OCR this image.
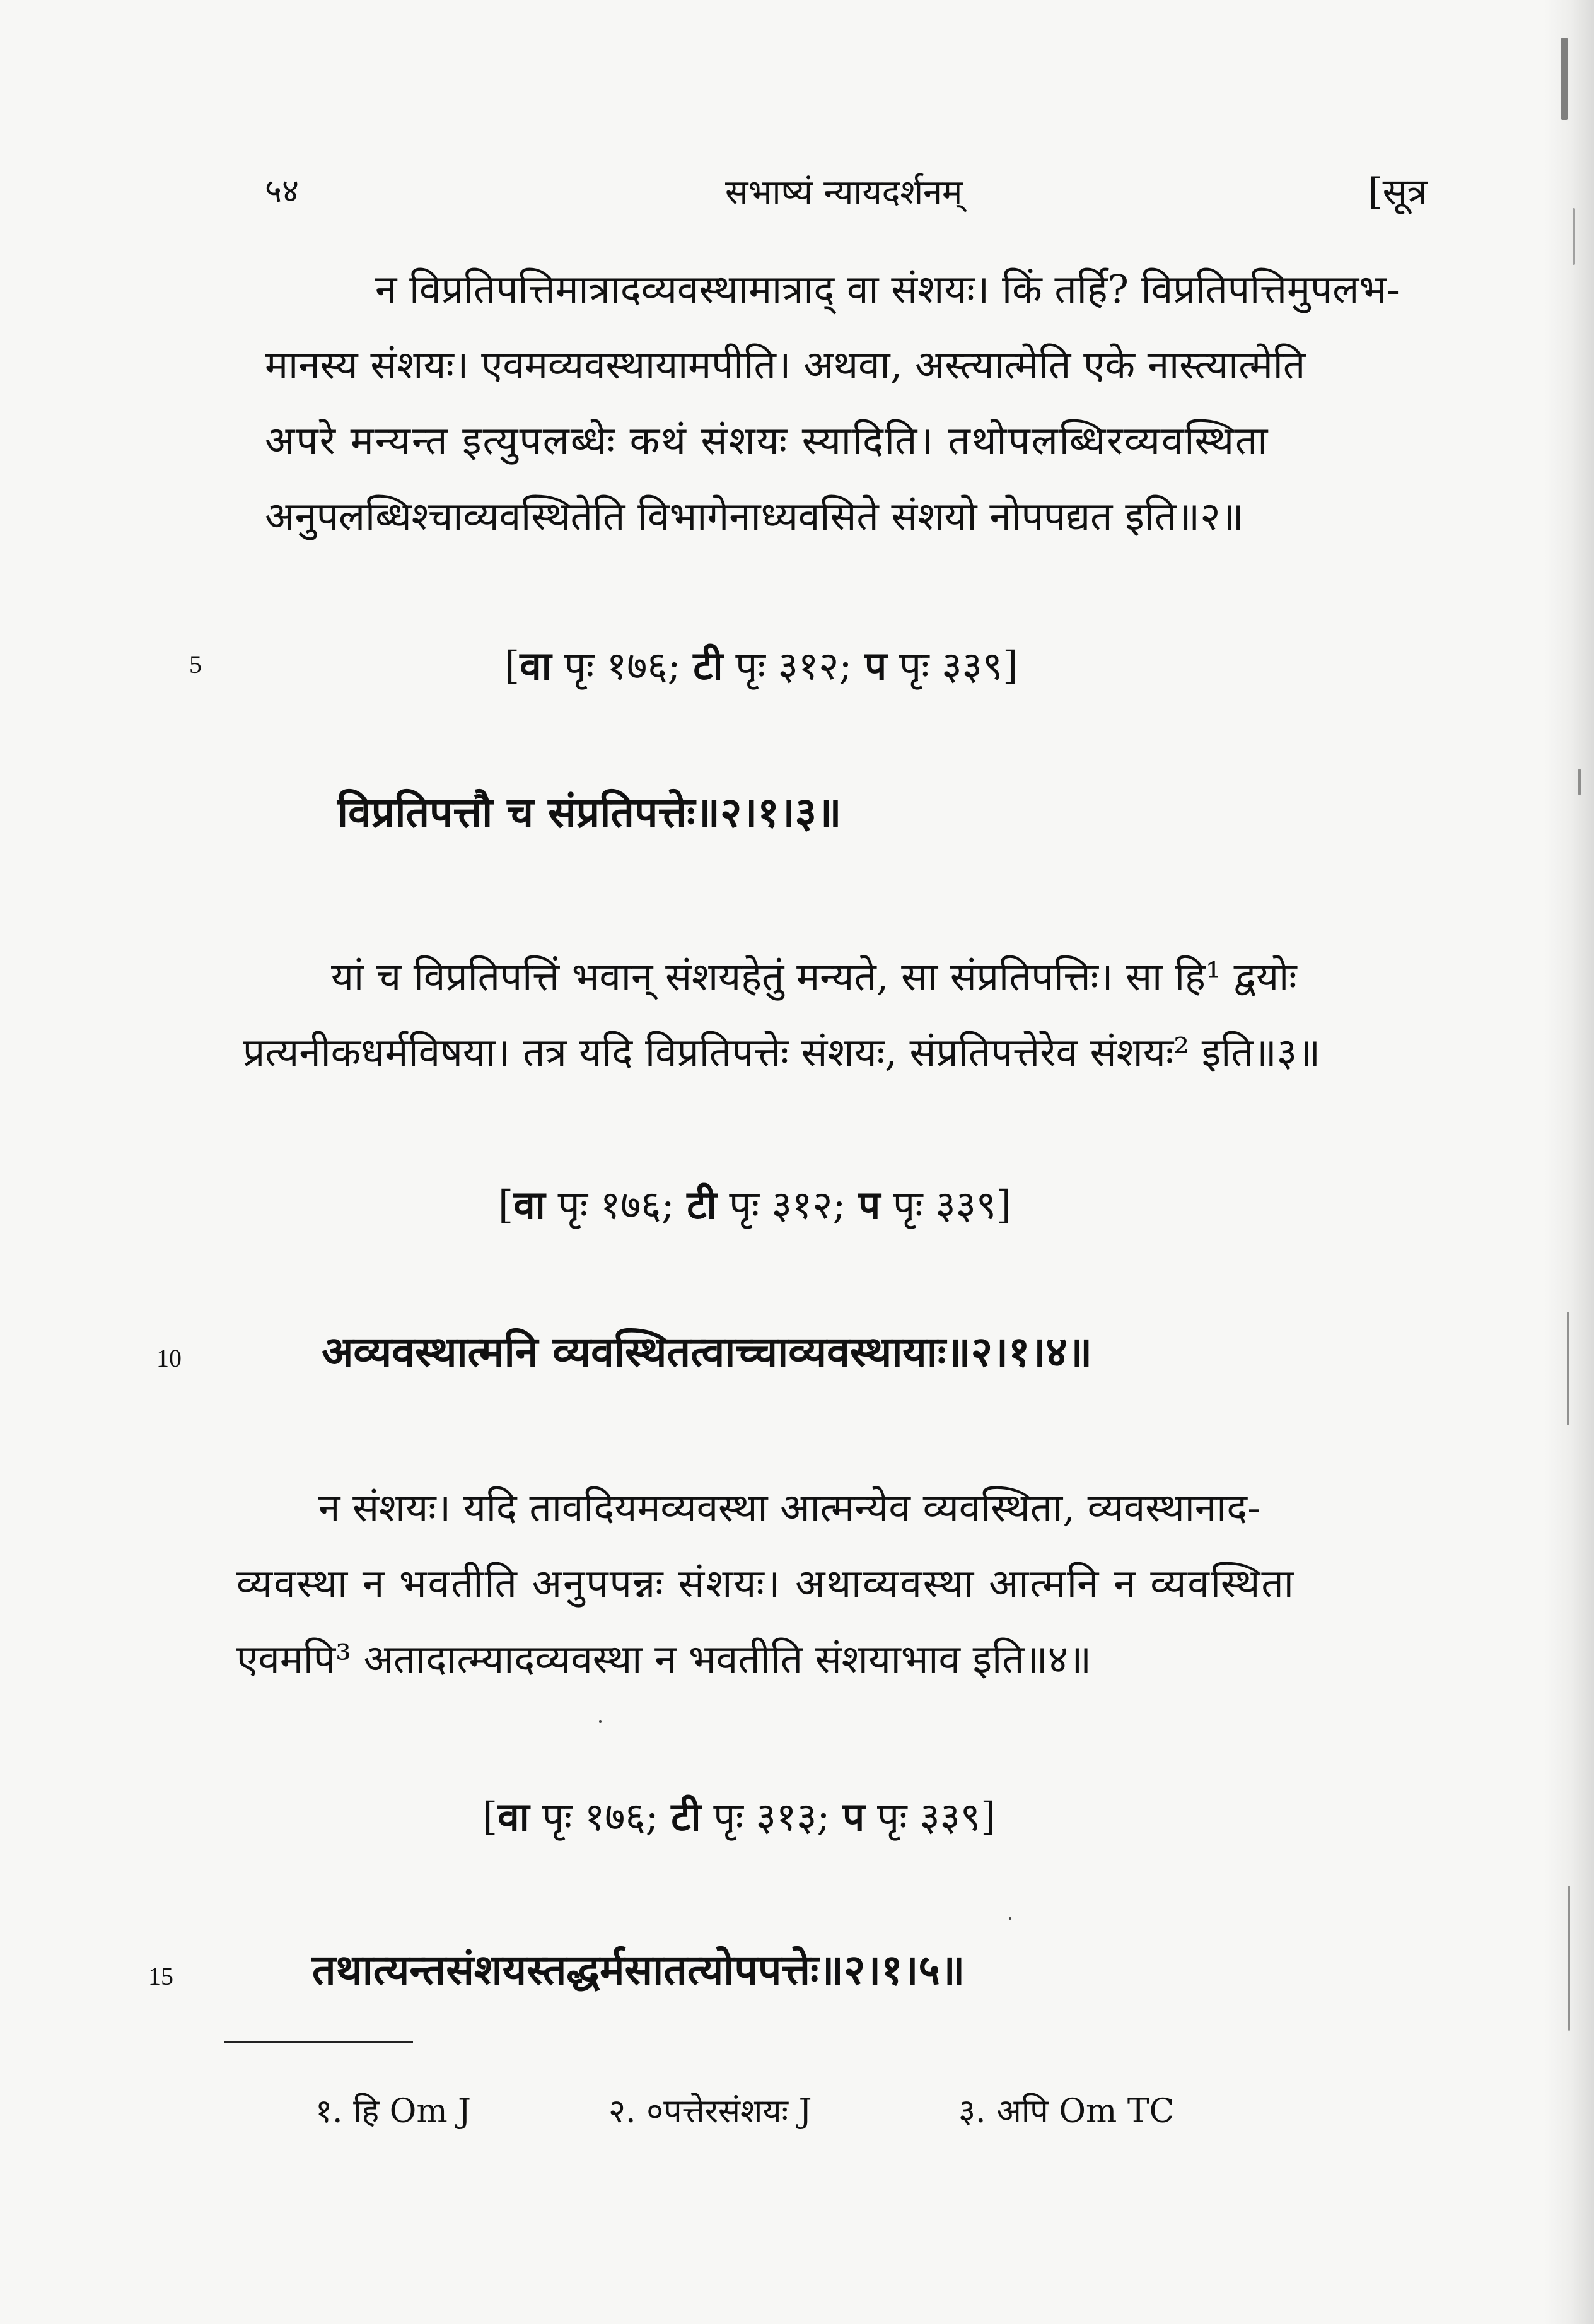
५४	सभाष्यं न्यायदर्शनम्	[सूत्र
न विप्रतिपत्तिमात्रादव्यवस्थामात्राद् वा संशयः। किं तर्हि? विप्रतिपत्तिमुपलभ-
मानस्य संशयः। एवमव्यवस्थायामपीति। अथवा, अस्त्यात्मेति एके नास्त्यात्मेति
अपरे मन्यन्त इत्युपलब्धेः कथं संशयः स्यादिति। तथोपलब्धिरव्यवस्थिता
अनुपलब्धिश्चाव्यवस्थितेति विभागेनाध्यवसिते संशयो नोपपद्यत इति॥२॥
5	[वा पृः १७६; टी पृः ३१२; प पृः ३३९]
विप्रतिपत्तौ च संप्रतिपत्तेः॥२।१।३॥
यां च विप्रतिपत्तिं भवान् संशयहेतुं मन्यते, सा संप्रतिपत्तिः। सा हि¹ द्वयोः
प्रत्यनीकधर्मविषया। तत्र यदि विप्रतिपत्तेः संशयः, संप्रतिपत्तेरेव संशयः² इति॥३॥
[वा पृः १७६; टी पृः ३१२; प पृः ३३९]
10	अव्यवस्थात्मनि व्यवस्थितत्वाच्चाव्यवस्थायाः॥२।१।४॥
न संशयः। यदि तावदियमव्यवस्था आत्मन्येव व्यवस्थिता, व्यवस्थानाद-
व्यवस्था न भवतीति अनुपपन्नः संशयः। अथाव्यवस्था आत्मनि न व्यवस्थिता
एवमपि³ अतादात्म्यादव्यवस्था न भवतीति संशयाभाव इति॥४॥
[वा पृः १७६; टी पृः ३१३; प पृः ३३९]
15	तथात्यन्तसंशयस्तद्धर्मसातत्योपपत्तेः॥२।१।५॥
१. हि Om J	२. ०पत्तेरसंशयः J	३. अपि Om TC
